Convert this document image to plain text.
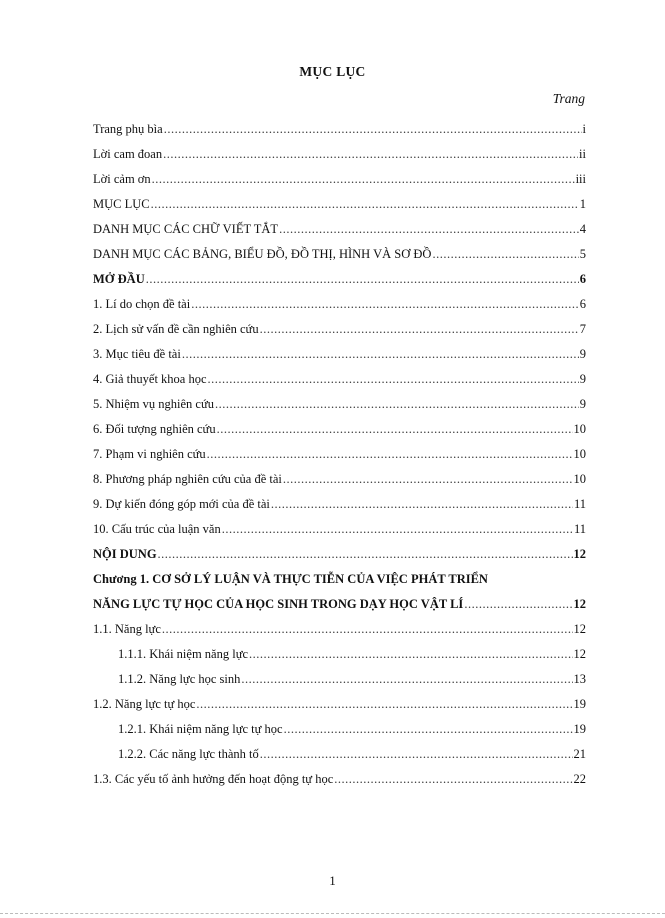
MỤC LỤC
Trang
Trang phụ bìa .....	i
Lời cam đoan .....	ii
Lời cảm ơn .....	iii
MỤC LỤC .....	1
DANH MỤC CÁC CHỮ VIẾT TẮT .....	4
DANH MỤC CÁC BẢNG, BIỂU ĐỒ, ĐỒ THỊ, HÌNH VÀ SƠ ĐỒ .....	5
MỞ ĐẦU .....	6
1. Lí do chọn đề tài .....	6
2. Lịch sử vấn đề cần nghiên cứu .....	7
3. Mục tiêu đề tài .....	9
4. Giả thuyết khoa học .....	9
5. Nhiệm vụ nghiên cứu .....	9
6. Đối tượng nghiên cứu .....	10
7. Phạm vi nghiên cứu .....	10
8. Phương pháp nghiên cứu của đề tài .....	10
9. Dự kiến đóng góp mới của đề tài .....	11
10. Cấu trúc của luận văn .....	11
NỘI DUNG .....	12
Chương 1. CƠ SỞ LÝ LUẬN VÀ THỰC TIỄN CỦA VIỆC PHÁT TRIỂN
NĂNG LỰC TỰ HỌC CỦA HỌC SINH TRONG DẠY HỌC VẬT LÍ .....	12
1.1. Năng lực .....	12
1.1.1. Khái niệm năng lực .....	12
1.1.2. Năng lực học sinh .....	13
1.2. Năng lực tự học .....	19
1.2.1. Khái niệm năng lực tự học .....	19
1.2.2. Các năng lực thành tố .....	21
1.3. Các yếu tố ảnh hưởng đến hoạt động tự học .....	22
1
